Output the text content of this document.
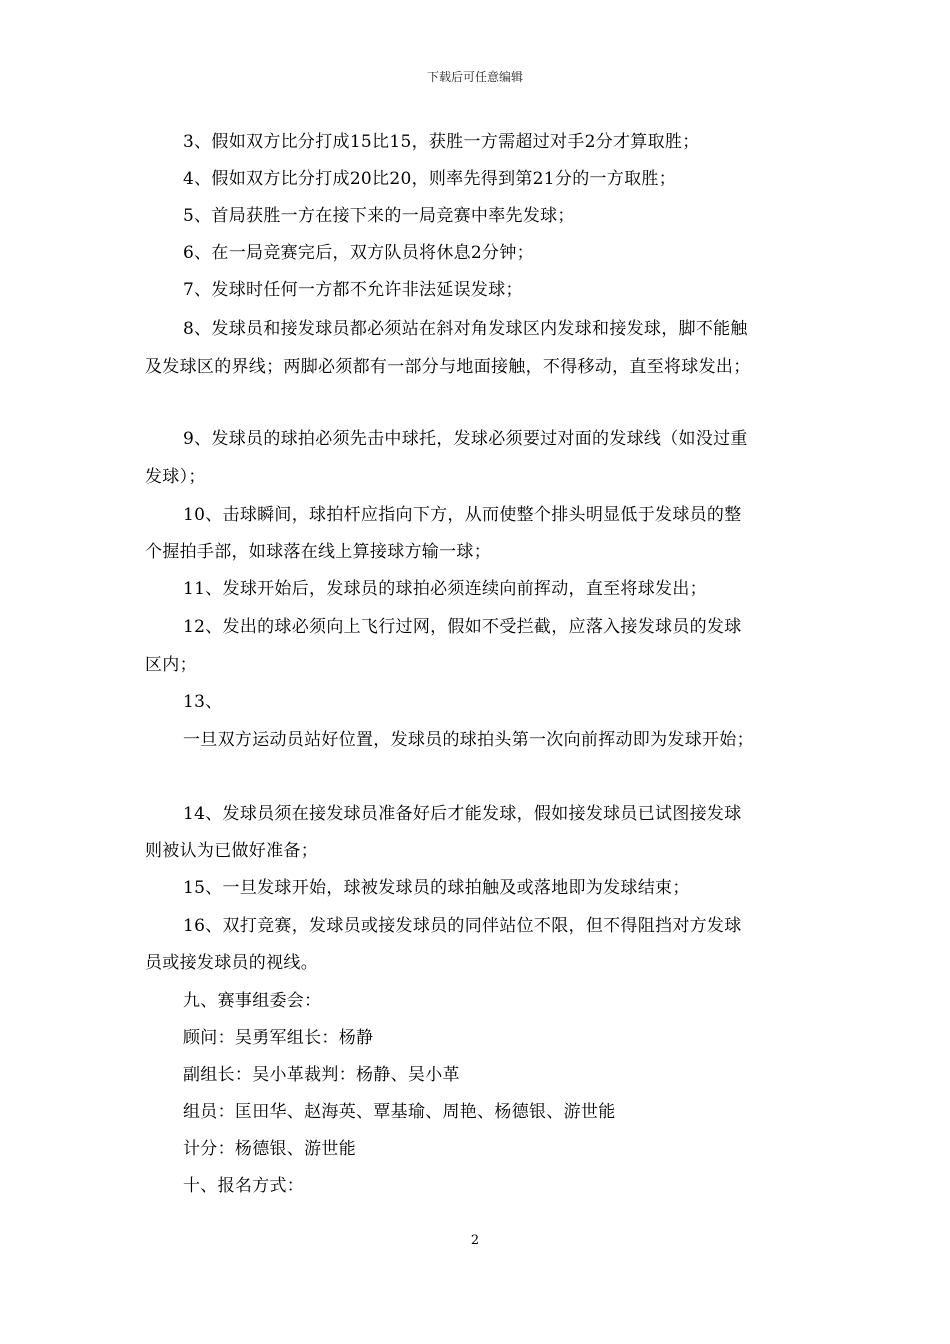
下载后可任意编辑
3、假如双方比分打成15比15，获胜一方需超过对手2分才算取胜；
4、假如双方比分打成20比20，则率先得到第21分的一方取胜；
5、首局获胜一方在接下来的一局竞赛中率先发球；
6、在一局竞赛完后，双方队员将休息2分钟；
7、发球时任何一方都不允许非法延误发球；
8、发球员和接发球员都必须站在斜对角发球区内发球和接发球，脚不能触
及发球区的界线；两脚必须都有一部分与地面接触，不得移动，直至将球发出；
9、发球员的球拍必须先击中球托，发球必须要过对面的发球线（如没过重
发球）；
10、击球瞬间，球拍杆应指向下方，从而使整个排头明显低于发球员的整
个握拍手部，如球落在线上算接球方输一球；
11、发球开始后，发球员的球拍必须连续向前挥动，直至将球发出；
12、发出的球必须向上飞行过网，假如不受拦截，应落入接发球员的发球
区内；
13、
一旦双方运动员站好位置，发球员的球拍头第一次向前挥动即为发球开始；
14、发球员须在接发球员准备好后才能发球，假如接发球员已试图接发球
则被认为已做好准备；
15、一旦发球开始，球被发球员的球拍触及或落地即为发球结束；
16、双打竞赛，发球员或接发球员的同伴站位不限，但不得阻挡对方发球
员或接发球员的视线。
九、赛事组委会：
顾问：吴勇军组长：杨静
副组长：吴小革裁判：杨静、吴小革
组员：匡田华、赵海英、覃基瑜、周艳、杨德银、游世能
计分：杨德银、游世能
十、报名方式：
2
